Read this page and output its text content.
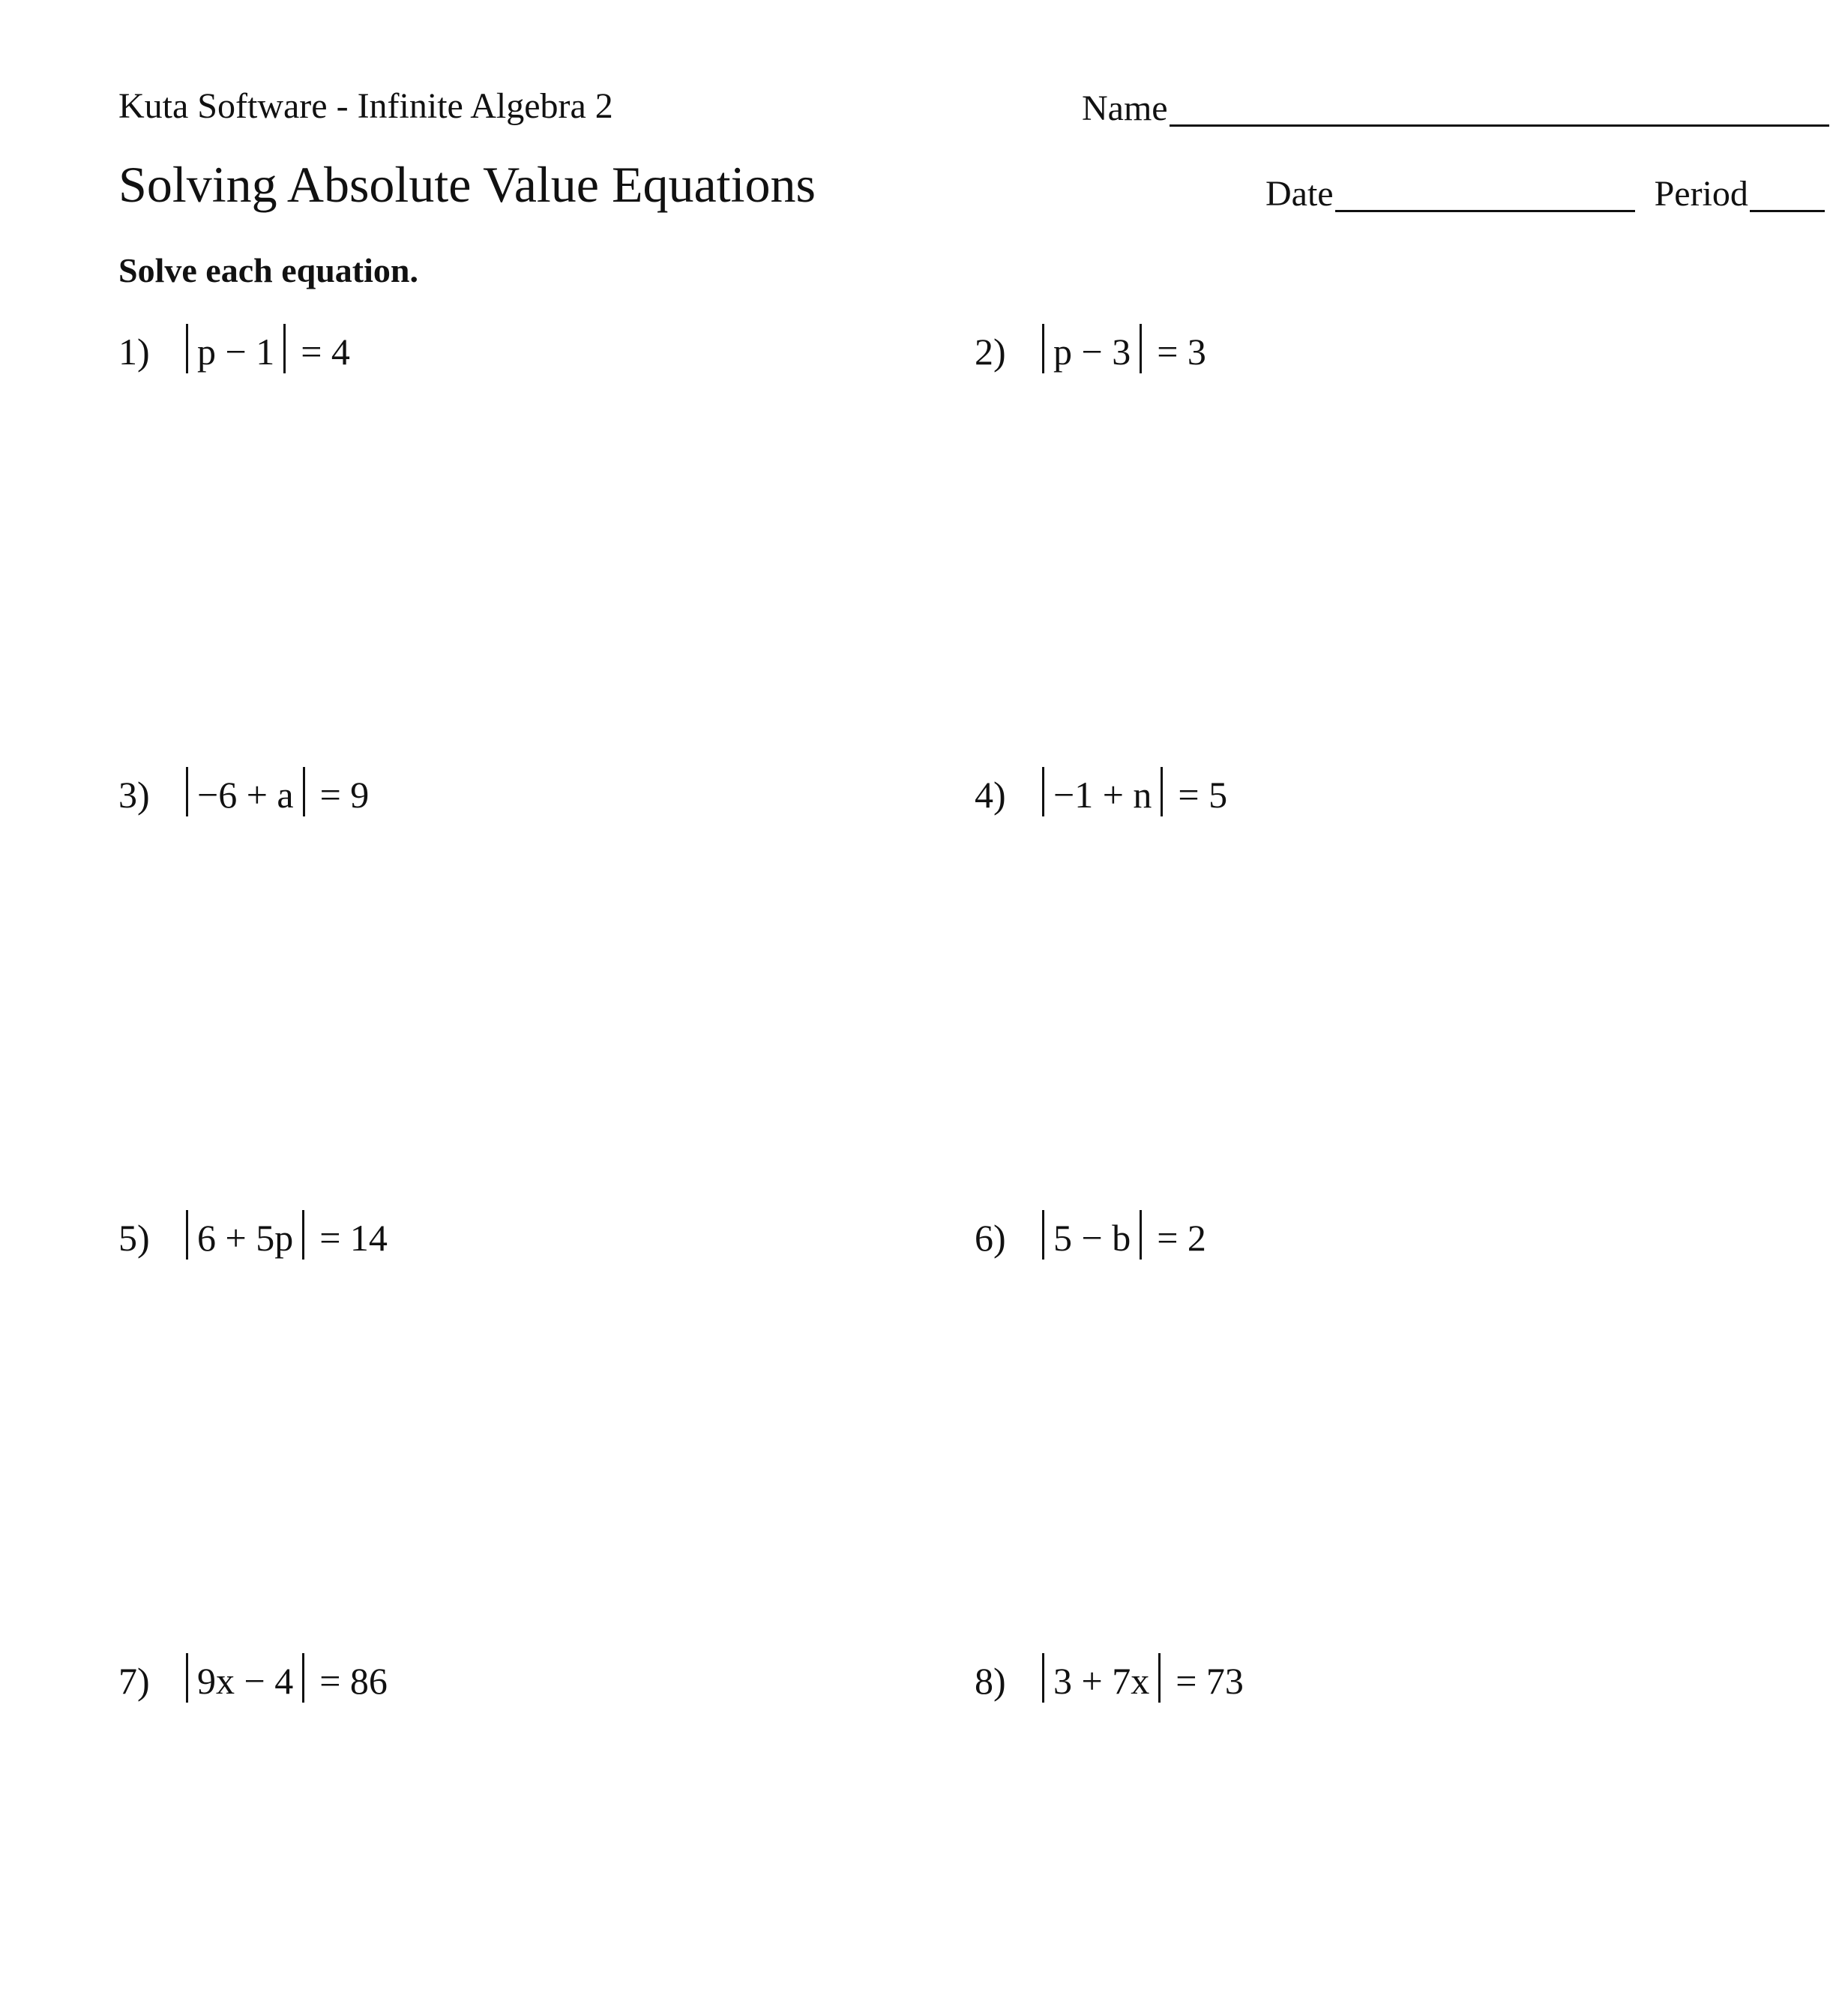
Kuta Software - Infinite Algebra 2
Solving Absolute Value Equations
Name
Date	Period
Solve each equation.
1)	p − 1 = 4	2)	p − 3 = 3
3)	−6 + a = 9	4)	−1 + n = 5
5)	6 + 5p = 14	6)	5 − b = 2
7)	9x − 4 = 86	8)	3 + 7x = 73
